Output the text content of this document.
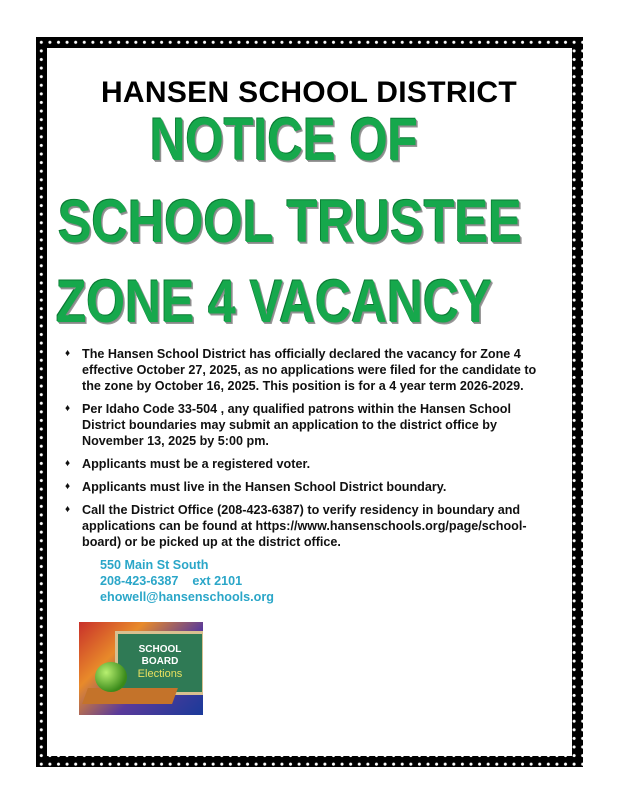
HANSEN SCHOOL DISTRICT
NOTICE OF
SCHOOL TRUSTEE
ZONE 4 VACANCY
♦ The Hansen School District has officially declared the vacancy for Zone 4 effective October 27, 2025, as no applications were filed for the candidate to the zone by October 16, 2025. This position is for a 4 year term 2026-2029.
♦ Per Idaho Code 33-504 , any qualified patrons within the Hansen School District boundaries may submit an application to the district office by November 13, 2025 by 5:00 pm.
♦ Applicants must be a registered voter.
♦ Applicants must live in the Hansen School District boundary.
♦ Call the District Office (208-423-6387) to verify residency in boundary and applications can be found at https://www.hansenschools.org/page/school-board) or be picked up at the district office.
550 Main St South
208-423-6387    ext 2101
ehowell@hansenschools.org
SCHOOL
BOARD
Elections
